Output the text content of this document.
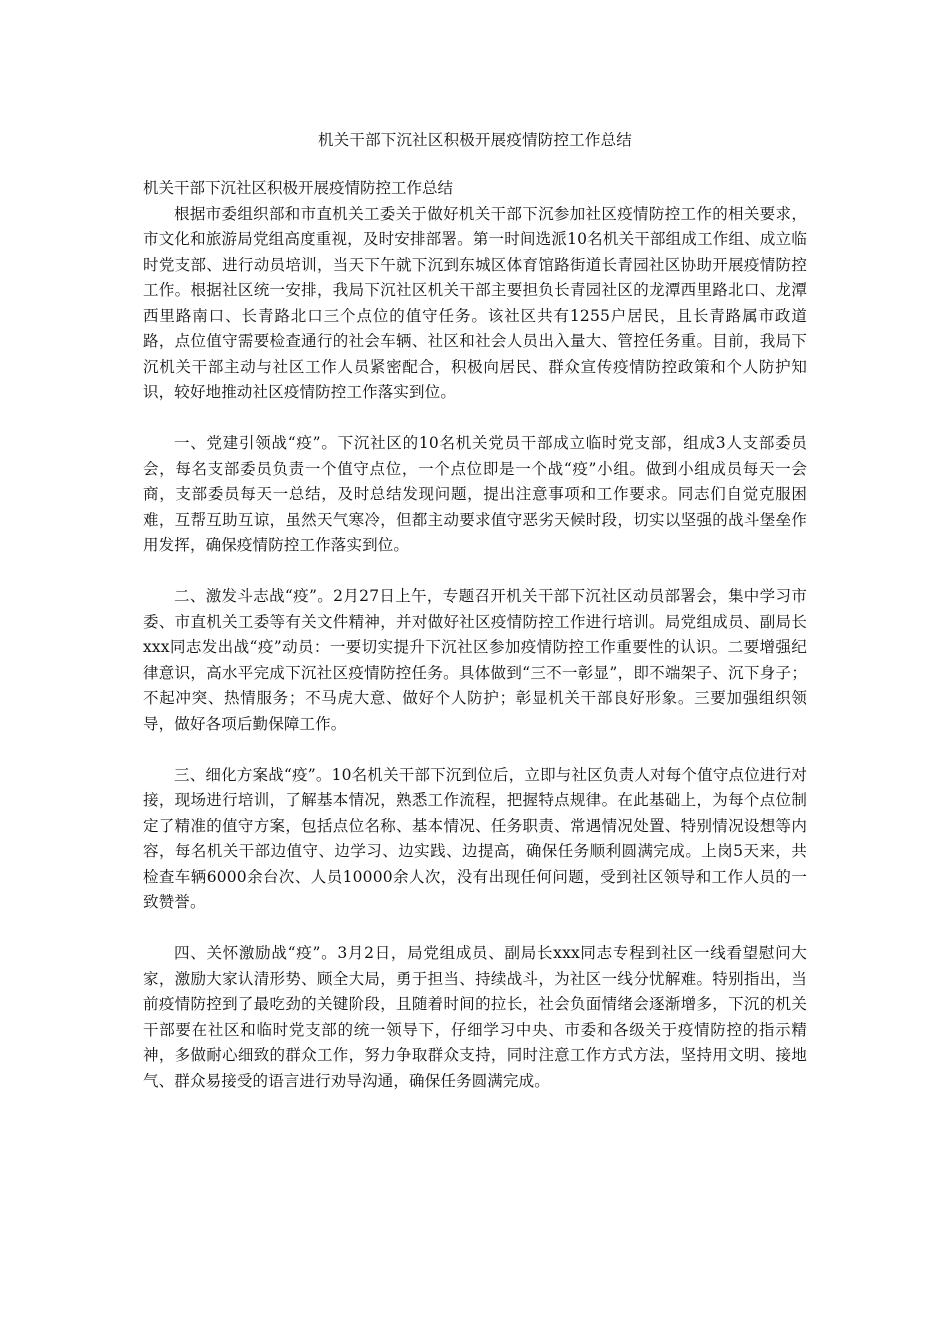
机关干部下沉社区积极开展疫情防控工作总结

机关干部下沉社区积极开展疫情防控工作总结

根据市委组织部和市直机关工委关于做好机关干部下沉参加社区疫情防控工作的相关要求，市文化和旅游局党组高度重视，及时安排部署。第一时间选派10名机关干部组成工作组、成立临时党支部、进行动员培训，当天下午就下沉到东城区体育馆路街道长青园社区协助开展疫情防控工作。根据社区统一安排，我局下沉社区机关干部主要担负长青园社区的龙潭西里路北口、龙潭西里路南口、长青路北口三个点位的值守任务。该社区共有1255户居民，且长青路属市政道路，点位值守需要检查通行的社会车辆、社区和社会人员出入量大、管控任务重。目前，我局下沉机关干部主动与社区工作人员紧密配合，积极向居民、群众宣传疫情防控政策和个人防护知识，较好地推动社区疫情防控工作落实到位。

一、党建引领战“疫”。下沉社区的10名机关党员干部成立临时党支部，组成3人支部委员会，每名支部委员负责一个值守点位，一个点位即是一个战“疫”小组。做到小组成员每天一会商，支部委员每天一总结，及时总结发现问题，提出注意事项和工作要求。同志们自觉克服困难，互帮互助互谅，虽然天气寒冷，但都主动要求值守恶劣天候时段，切实以坚强的战斗堡垒作用发挥，确保疫情防控工作落实到位。

二、激发斗志战“疫”。2月27日上午，专题召开机关干部下沉社区动员部署会，集中学习市委、市直机关工委等有关文件精神，并对做好社区疫情防控工作进行培训。局党组成员、副局长xxx同志发出战“疫”动员：一要切实提升下沉社区参加疫情防控工作重要性的认识。二要增强纪律意识，高水平完成下沉社区疫情防控任务。具体做到“三不一彰显”，即不端架子、沉下身子；不起冲突、热情服务；不马虎大意、做好个人防护；彰显机关干部良好形象。三要加强组织领导，做好各项后勤保障工作。

三、细化方案战“疫”。10名机关干部下沉到位后，立即与社区负责人对每个值守点位进行对接，现场进行培训，了解基本情况，熟悉工作流程，把握特点规律。在此基础上，为每个点位制定了精准的值守方案，包括点位名称、基本情况、任务职责、常遇情况处置、特别情况设想等内容，每名机关干部边值守、边学习、边实践、边提高，确保任务顺利圆满完成。上岗5天来，共检查车辆6000余台次、人员10000余人次，没有出现任何问题，受到社区领导和工作人员的一致赞誉。

四、关怀激励战“疫”。3月2日，局党组成员、副局长xxx同志专程到社区一线看望慰问大家，激励大家认清形势、顾全大局，勇于担当、持续战斗，为社区一线分忧解难。特别指出，当前疫情防控到了最吃劲的关键阶段，且随着时间的拉长，社会负面情绪会逐渐增多，下沉的机关干部要在社区和临时党支部的统一领导下，仔细学习中央、市委和各级关于疫情防控的指示精神，多做耐心细致的群众工作，努力争取群众支持，同时注意工作方式方法，坚持用文明、接地气、群众易接受的语言进行劝导沟通，确保任务圆满完成。
